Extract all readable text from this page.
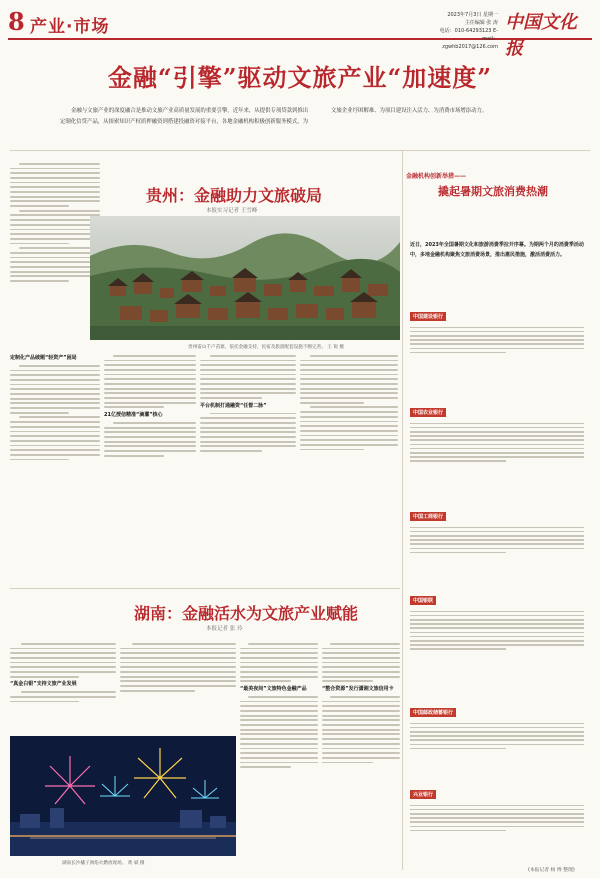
8 产业·市场
2023年7月3日 星期一
主任编辑 张 涛
电话：010-64293123 E-mail：zgwhb2017@126.com
中国文化报
金融“引擎”驱动文旅产业“加速度”
金融与文旅产业的深度融合是推动文旅产业高质量发展的重要引擎。近年来，从提供专项贷款到推出定制化信贷产品，从探索知识产权质押融资到搭建投融资对接平台，各地金融机构积极创新服务模式，为文旅企业纾困解难、为项目建设注入活力、为消费市场增添动力。
贵州：金融助力文旅破局
本报实习记者 王雪峰
贵州雷山千户苗寨，依托金融支持，民宿及旅游配套设施不断完善。 王 锐 摄
定制化产品破题“轻资产”困局
21亿授信精准“滴灌”核心
平台机制打通融资“任督二脉”
湖南：金融活水为文旅产业赋能
本报记者 张 玲
“真金白银”支持文旅产业发展
湖南长沙橘子洲焰火燃放现场。 黄 斌 摄
“最美夜间”文旅特色金融产品	“整合资源”发行潇湘文旅信用卡
金融机构创新举措——
撬起暑期文旅消费热潮
近日，2023年全国暑期文化和旅游消费季拉开序幕。为期两个月的消费季活动中，多地金融机构聚焦文旅消费场景，推出惠民措施，激活消费活力。
中国建设银行
中国农业银行
中国工商银行
中国银联
中国邮政储蓄银行
兴业银行
(本报记者 杨 博 整理)
